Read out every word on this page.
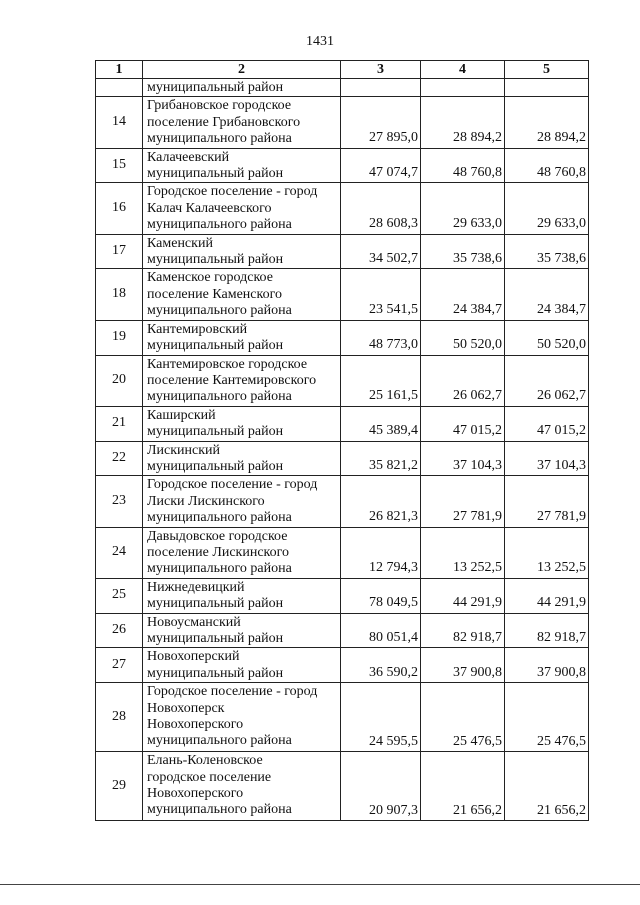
1431
1	2	3	4	5
	муниципальный район			
14	Грибановское городское
поселение Грибановского
муниципального района	27 895,0	28 894,2	28 894,2
15	Калачеевский
муниципальный район	47 074,7	48 760,8	48 760,8
16	Городское поселение - город
Калач Калачеевского
муниципального района	28 608,3	29 633,0	29 633,0
17	Каменский
муниципальный район	34 502,7	35 738,6	35 738,6
18	Каменское городское
поселение Каменского
муниципального района	23 541,5	24 384,7	24 384,7
19	Кантемировский
муниципальный район	48 773,0	50 520,0	50 520,0
20	Кантемировское городское
поселение Кантемировского
муниципального района	25 161,5	26 062,7	26 062,7
21	Каширский
муниципальный район	45 389,4	47 015,2	47 015,2
22	Лискинский
муниципальный район	35 821,2	37 104,3	37 104,3
23	Городское поселение - город
Лиски Лискинского
муниципального района	26 821,3	27 781,9	27 781,9
24	Давыдовское городское
поселение Лискинского
муниципального района	12 794,3	13 252,5	13 252,5
25	Нижнедевицкий
муниципальный район	78 049,5	44 291,9	44 291,9
26	Новоусманский
муниципальный район	80 051,4	82 918,7	82 918,7
27	Новохоперский
муниципальный район	36 590,2	37 900,8	37 900,8
28	Городское поселение - город
Новохоперск
Новохоперского
муниципального района	24 595,5	25 476,5	25 476,5
29	Елань-Коленовское
городское поселение
Новохоперского
муниципального района	20 907,3	21 656,2	21 656,2
